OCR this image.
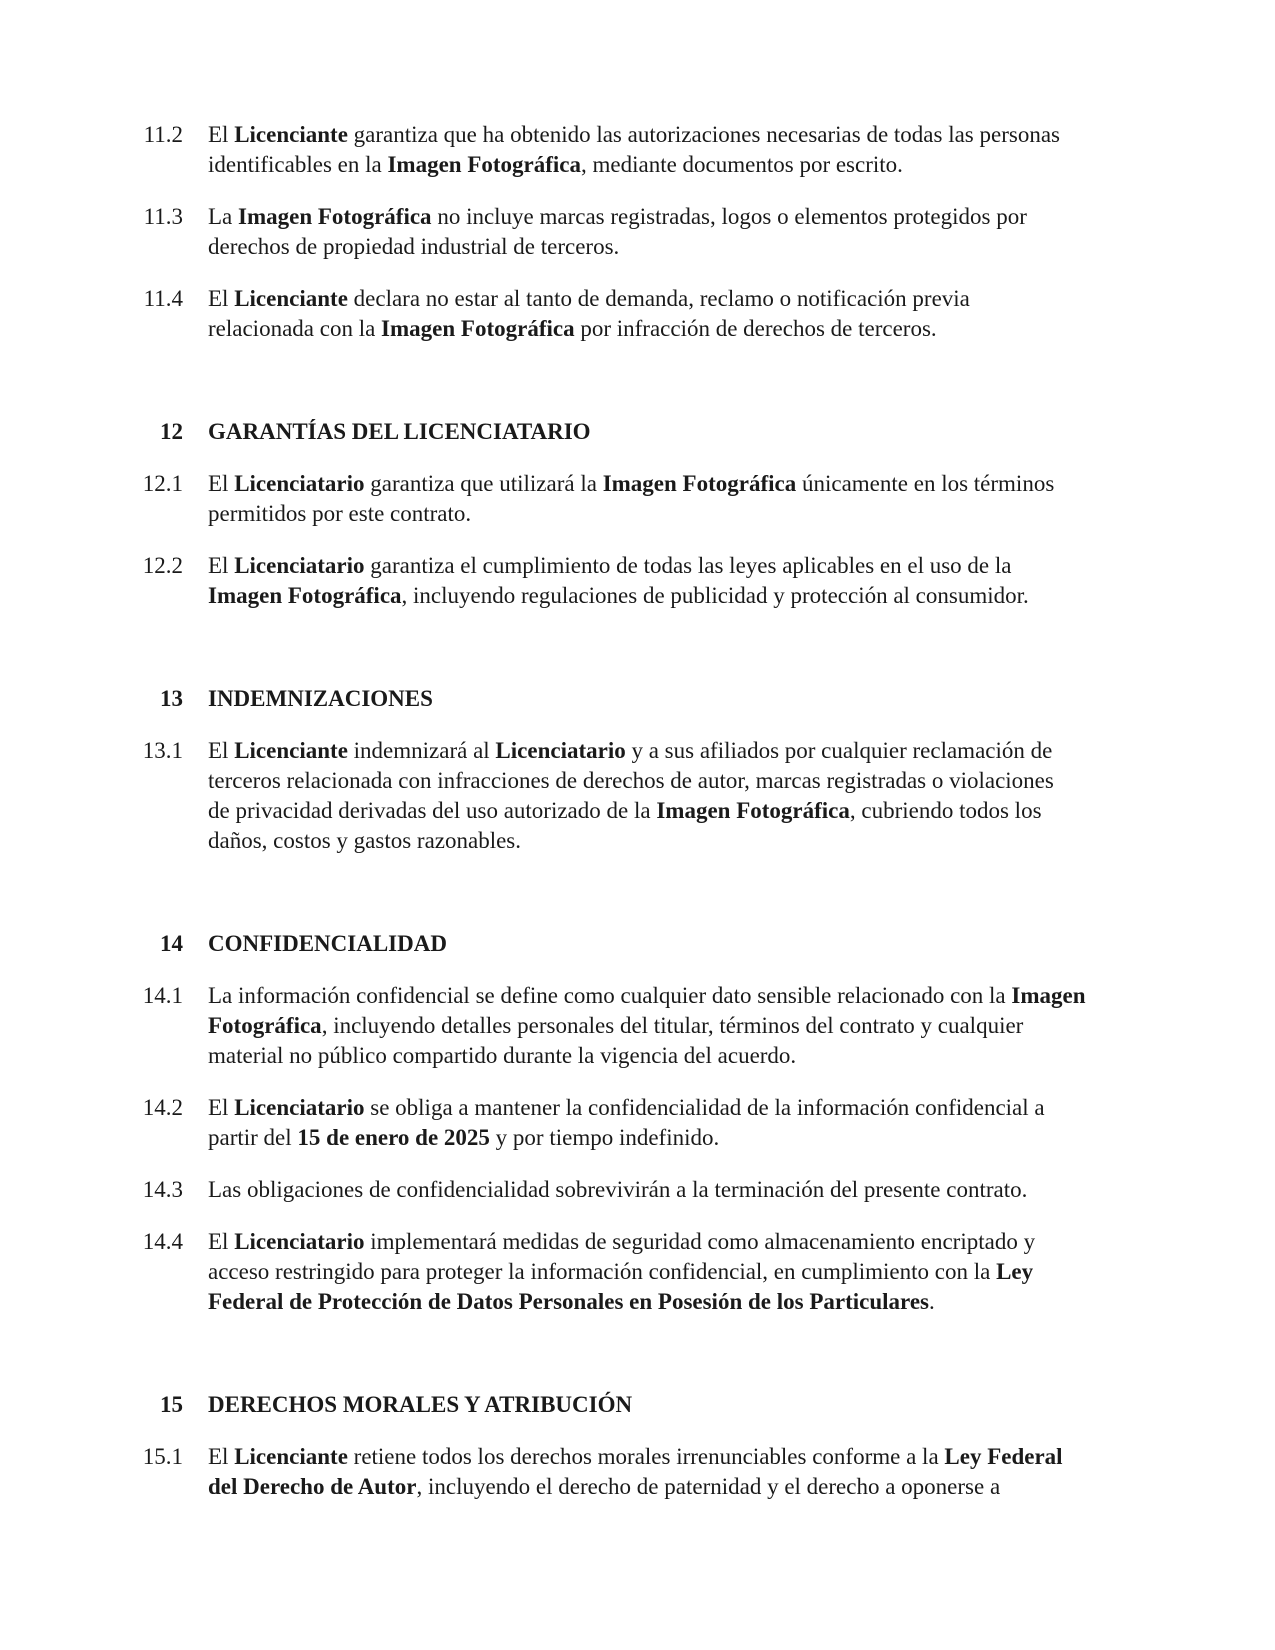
11.2 El Licenciante garantiza que ha obtenido las autorizaciones necesarias de todas las personas
identificables en la Imagen Fotográfica, mediante documentos por escrito.
11.3 La Imagen Fotográfica no incluye marcas registradas, logos o elementos protegidos por
derechos de propiedad industrial de terceros.
11.4 El Licenciante declara no estar al tanto de demanda, reclamo o notificación previa
relacionada con la Imagen Fotográfica por infracción de derechos de terceros.
12 GARANTÍAS DEL LICENCIATARIO
12.1 El Licenciatario garantiza que utilizará la Imagen Fotográfica únicamente en los términos
permitidos por este contrato.
12.2 El Licenciatario garantiza el cumplimiento de todas las leyes aplicables en el uso de la
Imagen Fotográfica, incluyendo regulaciones de publicidad y protección al consumidor.
13 INDEMNIZACIONES
13.1 El Licenciante indemnizará al Licenciatario y a sus afiliados por cualquier reclamación de
terceros relacionada con infracciones de derechos de autor, marcas registradas o violaciones
de privacidad derivadas del uso autorizado de la Imagen Fotográfica, cubriendo todos los
daños, costos y gastos razonables.
14 CONFIDENCIALIDAD
14.1 La información confidencial se define como cualquier dato sensible relacionado con la Imagen
Fotográfica, incluyendo detalles personales del titular, términos del contrato y cualquier
material no público compartido durante la vigencia del acuerdo.
14.2 El Licenciatario se obliga a mantener la confidencialidad de la información confidencial a
partir del 15 de enero de 2025 y por tiempo indefinido.
14.3 Las obligaciones de confidencialidad sobrevivirán a la terminación del presente contrato.
14.4 El Licenciatario implementará medidas de seguridad como almacenamiento encriptado y
acceso restringido para proteger la información confidencial, en cumplimiento con la Ley
Federal de Protección de Datos Personales en Posesión de los Particulares.
15 DERECHOS MORALES Y ATRIBUCIÓN
15.1 El Licenciante retiene todos los derechos morales irrenunciables conforme a la Ley Federal
del Derecho de Autor, incluyendo el derecho de paternidad y el derecho a oponerse a
